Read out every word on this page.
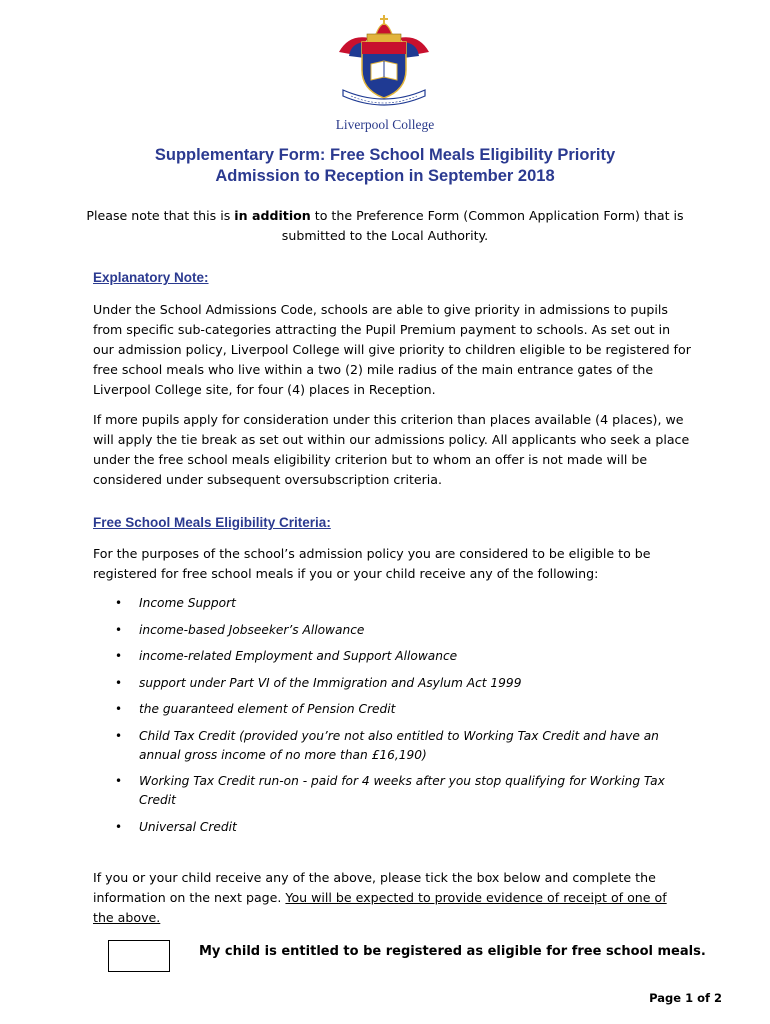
Liverpool College
Supplementary Form: Free School Meals Eligibility Priority
Admission to Reception in September 2018
Please note that this is in addition to the Preference Form (Common Application Form) that is submitted to the Local Authority.
Explanatory Note:
Under the School Admissions Code, schools are able to give priority in admissions to pupils from specific sub-categories attracting the Pupil Premium payment to schools. As set out in our admission policy, Liverpool College will give priority to children eligible to be registered for free school meals who live within a two (2) mile radius of the main entrance gates of the Liverpool College site, for four (4) places in Reception.
If more pupils apply for consideration under this criterion than places available (4 places), we will apply the tie break as set out within our admissions policy. All applicants who seek a place under the free school meals eligibility criterion but to whom an offer is not made will be considered under subsequent oversubscription criteria.
Free School Meals Eligibility Criteria:
For the purposes of the school’s admission policy you are considered to be eligible to be registered for free school meals if you or your child receive any of the following:
• Income Support
• income-based Jobseeker’s Allowance
• income-related Employment and Support Allowance
• support under Part VI of the Immigration and Asylum Act 1999
• the guaranteed element of Pension Credit
• Child Tax Credit (provided you’re not also entitled to Working Tax Credit and have an annual gross income of no more than £16,190)
• Working Tax Credit run-on - paid for 4 weeks after you stop qualifying for Working Tax Credit
• Universal Credit
If you or your child receive any of the above, please tick the box below and complete the information on the next page. You will be expected to provide evidence of receipt of one of the above.
My child is entitled to be registered as eligible for free school meals.
Page 1 of 2
